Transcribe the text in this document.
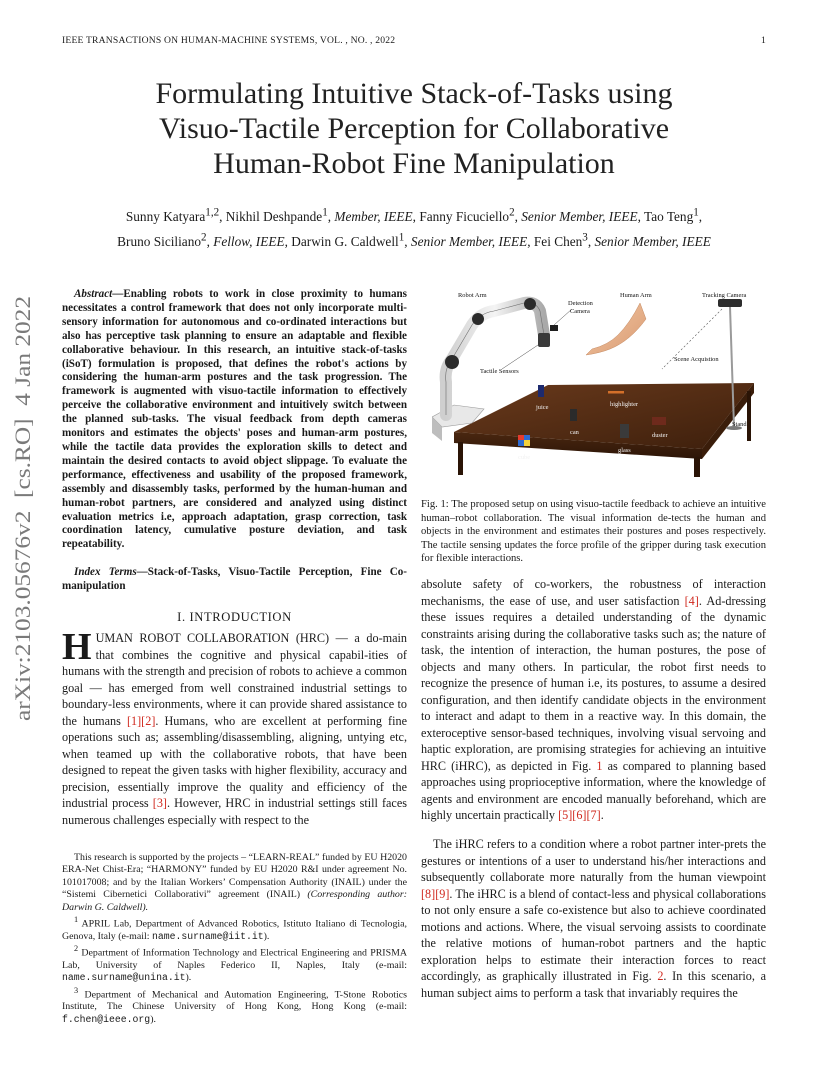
IEEE TRANSACTIONS ON HUMAN-MACHINE SYSTEMS, VOL. , NO. , 2022	1
arXiv:2103.05676v2  [cs.RO]  4 Jan 2022
Formulating Intuitive Stack-of-Tasks using
Visuo-Tactile Perception for Collaborative
Human-Robot Fine Manipulation
Sunny Katyara$^{1,2}$, Nikhil Deshpande$^1$, Member, IEEE, Fanny Ficuciello$^2$, Senior Member, IEEE, Tao Teng$^1$,
Bruno Siciliano$^2$, Fellow, IEEE, Darwin G. Caldwell$^1$, Senior Member, IEEE, Fei Chen$^3$, Senior Member, IEEE
Abstract—Enabling robots to work in close proximity to humans necessitates a control framework that does not only incorporate multi-sensory information for autonomous and co-ordinated interactions but also has perceptive task planning to ensure an adaptable and flexible collaborative behaviour. In this research, an intuitive stack-of-tasks (iSoT) formulation is proposed, that defines the robot's actions by considering the human-arm postures and the task progression. The framework is augmented with visuo-tactile information to effectively perceive the collaborative environment and intuitively switch between the planned sub-tasks. The visual feedback from depth cameras monitors and estimates the objects' poses and human-arm postures, while the tactile data provides the exploration skills to detect and maintain the desired contacts to avoid object slippage. To evaluate the performance, effectiveness and usability of the proposed framework, assembly and disassembly tasks, performed by the human-human and human-robot partners, are considered and analyzed using distinct evaluation metrics i.e, approach adaptation, grasp correction, task coordination latency, cumulative posture deviation, and task repeatability.
Index Terms—Stack-of-Tasks, Visuo-Tactile Perception, Fine Co-manipulation
I. INTRODUCTION
HUMAN ROBOT COLLABORATION (HRC) — a do-main that combines the cognitive and physical capabil-ities of humans with the strength and precision of robots to achieve a common goal — has emerged from well constrained industrial settings to boundary-less environments, where it can provide shared assistance to the humans [1][2]. Humans, who are excellent at performing fine operations such as; assembling/disassembling, aligning, untying etc, when teamed up with the collaborative robots, that have been designed to repeat the given tasks with higher flexibility, accuracy and precision, essentially improve the quality and efficiency of the industrial process [3]. However, HRC in industrial settings still faces numerous challenges especially with respect to the

This research is supported by the projects – “LEARN-REAL” funded by EU H2020 ERA-Net Chist-Era; “HARMONY” funded by EU H2020 R&I under agreement No. 101017008; and by the Italian Workers’ Compensation Authority (INAIL) under the “Sistemi Cibernetici Collaborativi” agreement (INAIL) (Corresponding author: Darwin G. Caldwell).

$^1$ APRIL Lab, Department of Advanced Robotics, Istituto Italiano di Tecnologia, Genova, Italy (e-mail: name.surname@iit.it).

$^2$ Department of Information Technology and Electrical Engineering and PRISMA Lab, University of Naples Federico II, Naples, Italy (e-mail: name.surname@unina.it).

$^3$ Department of Mechanical and Automation Engineering, T-Stone Robotics Institute, The Chinese University of Hong Kong, Hong Kong (e-mail: f.chen@ieee.org).

Robot Arm
Detection
Camera
Human Arm	Tracking Camera
Scene Acquistion
Tactile Sensors
juice	highlighter
can	duster
Stand
cube
glass
Fig. 1: The proposed setup on using visuo-tactile feedback to achieve an intuitive human–robot collaboration. The visual information de-tects the human and objects in the environment and estimates their postures and poses respectively. The tactile sensing updates the force profile of the gripper during task execution for flexible interactions.
absolute safety of co-workers, the robustness of interaction mechanisms, the ease of use, and user satisfaction [4]. Ad-dressing these issues requires a detailed understanding of the dynamic constraints arising during the collaborative tasks such as; the nature of task, the intention of interaction, the human postures, the pose of objects and many others. In particular, the robot first needs to recognize the presence of human i.e, its postures, to assume a desired configuration, and then identify candidate objects in the environment to interact and adapt to them in a reactive way. In this domain, the exteroceptive sensor-based techniques, involving visual servoing and haptic exploration, are promising strategies for achieving an intuitive HRC (iHRC), as depicted in Fig. 1 as compared to planning based approaches using proprioceptive information, where the knowledge of agents and environment are encoded manually beforehand, which are highly uncertain practically [5][6][7].
The iHRC refers to a condition where a robot partner inter-prets the gestures or intentions of a user to understand his/her interactions and subsequently collaborate more naturally from the human viewpoint [8][9]. The iHRC is a blend of contact-less and physical collaborations to not only ensure a safe co-existence but also to achieve coordinated motions and actions. Where, the visual servoing assists to coordinate the relative motions of human-robot partners and the haptic exploration helps to estimate their interaction forces to react accordingly, as graphically illustrated in Fig. 2. In this scenario, a human subject aims to perform a task that invariably requires the
